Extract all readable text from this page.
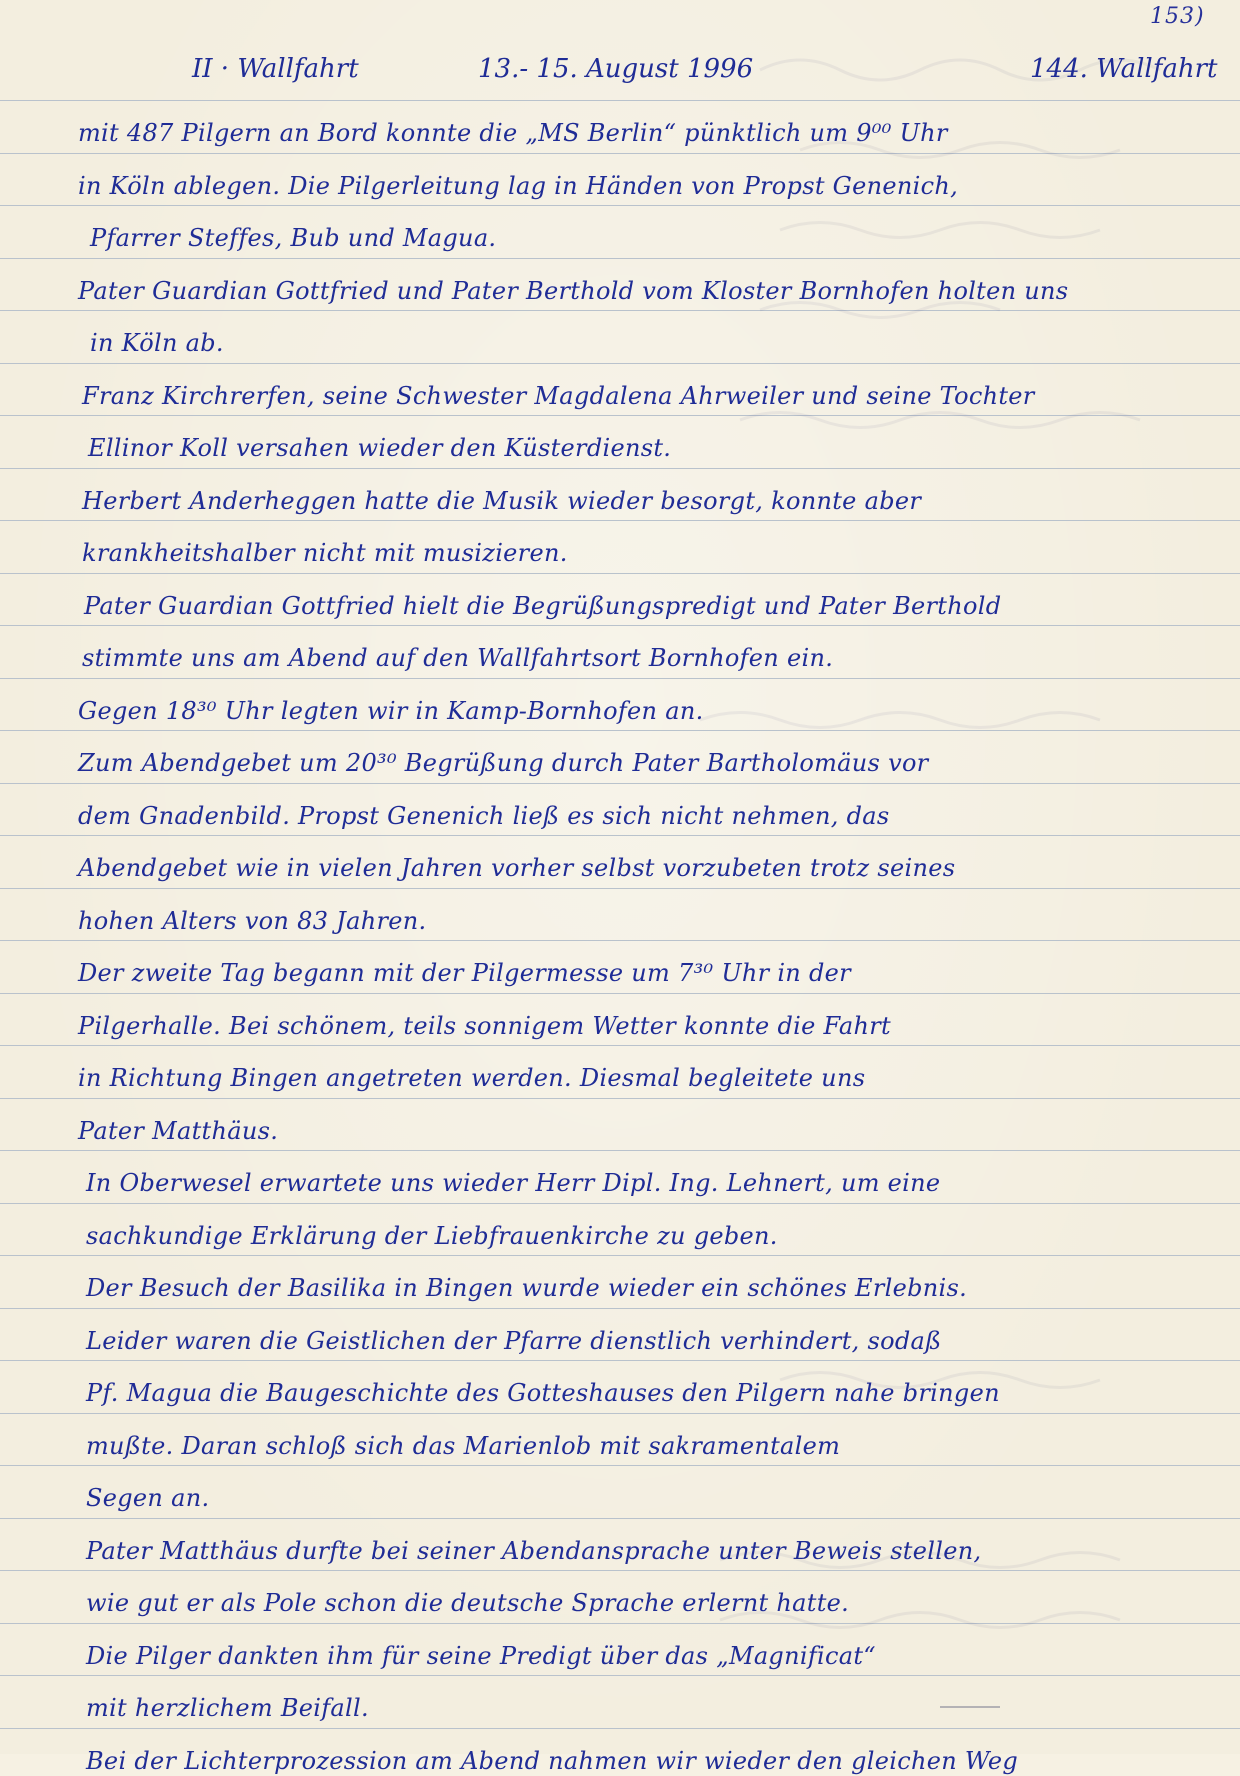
153)
II · Wallfahrt	13.- 15. August 1996	144. Wallfahrt
mit 487 Pilgern an Bord konnte die „MS Berlin“ pünktlich um 9⁰⁰ Uhr
in Köln ablegen. Die Pilgerleitung lag in Händen von Propst Genenich,
Pfarrer Steffes, Bub und Magua.
Pater Guardian Gottfried und Pater Berthold vom Kloster Bornhofen holten uns
in Köln ab.
Franz Kirchrerfen, seine Schwester Magdalena Ahrweiler und seine Tochter
Ellinor Koll versahen wieder den Küsterdienst.
Herbert Anderheggen hatte die Musik wieder besorgt, konnte aber
krankheitshalber nicht mit musizieren.
Pater Guardian Gottfried hielt die Begrüßungspredigt und Pater Berthold
stimmte uns am Abend auf den Wallfahrtsort Bornhofen ein.
Gegen 18³⁰ Uhr legten wir in Kamp-Bornhofen an.
Zum Abendgebet um 20³⁰ Begrüßung durch Pater Bartholomäus vor
dem Gnadenbild. Propst Genenich ließ es sich nicht nehmen, das
Abendgebet wie in vielen Jahren vorher selbst vorzubeten trotz seines
hohen Alters von 83 Jahren.
Der zweite Tag begann mit der Pilgermesse um 7³⁰ Uhr in der
Pilgerhalle. Bei schönem, teils sonnigem Wetter konnte die Fahrt
in Richtung Bingen angetreten werden. Diesmal begleitete uns
Pater Matthäus.
In Oberwesel erwartete uns wieder Herr Dipl. Ing. Lehnert, um eine
sachkundige Erklärung der Liebfrauenkirche zu geben.
Der Besuch der Basilika in Bingen wurde wieder ein schönes Erlebnis.
Leider waren die Geistlichen der Pfarre dienstlich verhindert, sodaß
Pf. Magua die Baugeschichte des Gotteshauses den Pilgern nahe bringen
mußte. Daran schloß sich das Marienlob mit sakramentalem
Segen an.
Pater Matthäus durfte bei seiner Abendansprache unter Beweis stellen,
wie gut er als Pole schon die deutsche Sprache erlernt hatte.
Die Pilger dankten ihm für seine Predigt über das „Magnificat“
mit herzlichem Beifall.
Bei der Lichterprozession am Abend nahmen wir wieder den gleichen Weg
